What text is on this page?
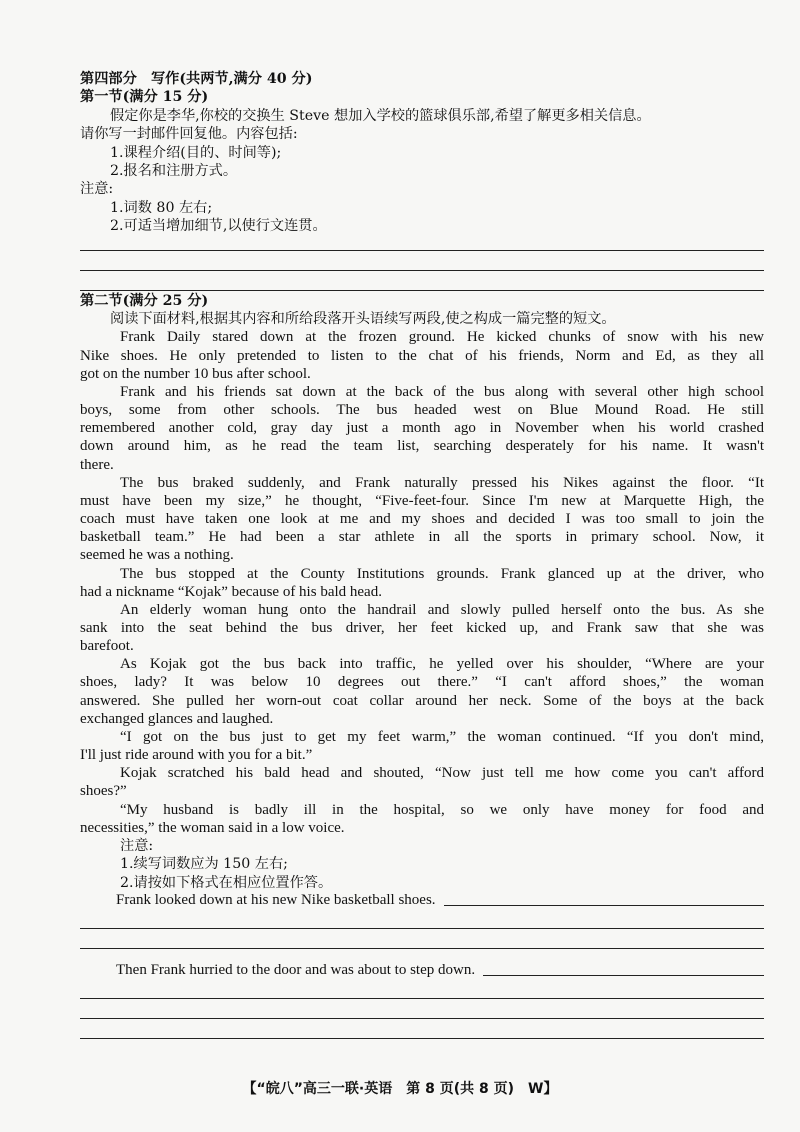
第四部分　写作(共两节,满分 40 分)
第一节(满分 15 分)
假定你是李华,你校的交换生 Steve 想加入学校的篮球俱乐部,希望了解更多相关信息。
请你写一封邮件回复他。内容包括:
1.课程介绍(目的、时间等);
2.报名和注册方式。
注意:
1.词数 80 左右;
2.可适当增加细节,以使行文连贯。
第二节(满分 25 分)
阅读下面材料,根据其内容和所给段落开头语续写两段,使之构成一篇完整的短文。
Frank Daily stared down at the frozen ground. He kicked chunks of snow with his new
Nike shoes. He only pretended to listen to the chat of his friends, Norm and Ed, as they all
got on the number 10 bus after school.
Frank and his friends sat down at the back of the bus along with several other high school
boys, some from other schools. The bus headed west on Blue Mound Road. He still
remembered another cold, gray day just a month ago in November when his world crashed
down around him, as he read the team list, searching desperately for his name. It wasn't
there.
The bus braked suddenly, and Frank naturally pressed his Nikes against the floor. “It
must have been my size,” he thought, “Five-feet-four. Since I'm new at Marquette High, the
coach must have taken one look at me and my shoes and decided I was too small to join the
basketball team.” He had been a star athlete in all the sports in primary school. Now, it
seemed he was a nothing.
The bus stopped at the County Institutions grounds. Frank glanced up at the driver, who
had a nickname “Kojak” because of his bald head.
An elderly woman hung onto the handrail and slowly pulled herself onto the bus. As she
sank into the seat behind the bus driver, her feet kicked up, and Frank saw that she was
barefoot.
As Kojak got the bus back into traffic, he yelled over his shoulder, “Where are your
shoes, lady? It was below 10 degrees out there.” “I can't afford shoes,” the woman
answered. She pulled her worn-out coat collar around her neck. Some of the boys at the back
exchanged glances and laughed.
“I got on the bus just to get my feet warm,” the woman continued. “If you don't mind,
I'll just ride around with you for a bit.”
Kojak scratched his bald head and shouted, “Now just tell me how come you can't afford
shoes?”
“My husband is badly ill in the hospital, so we only have money for food and
necessities,” the woman said in a low voice.
注意:
1.续写词数应为 150 左右;
2.请按如下格式在相应位置作答。
Frank looked down at his new Nike basketball shoes.
Then Frank hurried to the door and was about to step down.
【“皖八”高三一联·英语　第 8 页(共 8 页)　W】
